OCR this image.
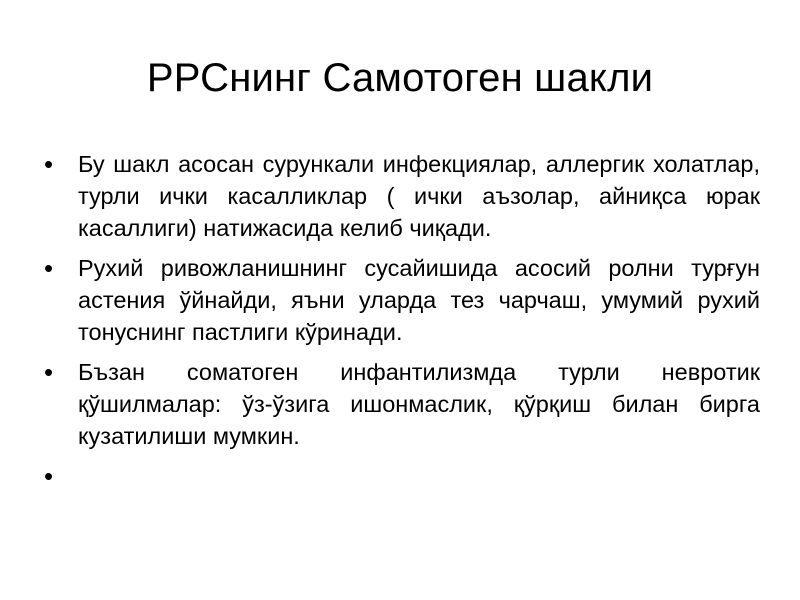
РРСнинг Самотоген шакли
•	Бу шакл асосан сурункали инфекциялар, аллергик холатлар, турли ички касалликлар ( ички аъзолар, айниқса юрак касаллиги) натижасида келиб чиқади.
•	Рухий ривожланишнинг сусайишида асосий ролни турғун астения ўйнайди, яъни уларда тез чарчаш, умумий рухий тонуснинг пастлиги кўринади.
•	Бъзан соматоген инфантилизмда турли невротик қўшилмалар: ўз-ўзига ишонмаслик, қўрқиш билан бирга кузатилиши мумкин.
•
